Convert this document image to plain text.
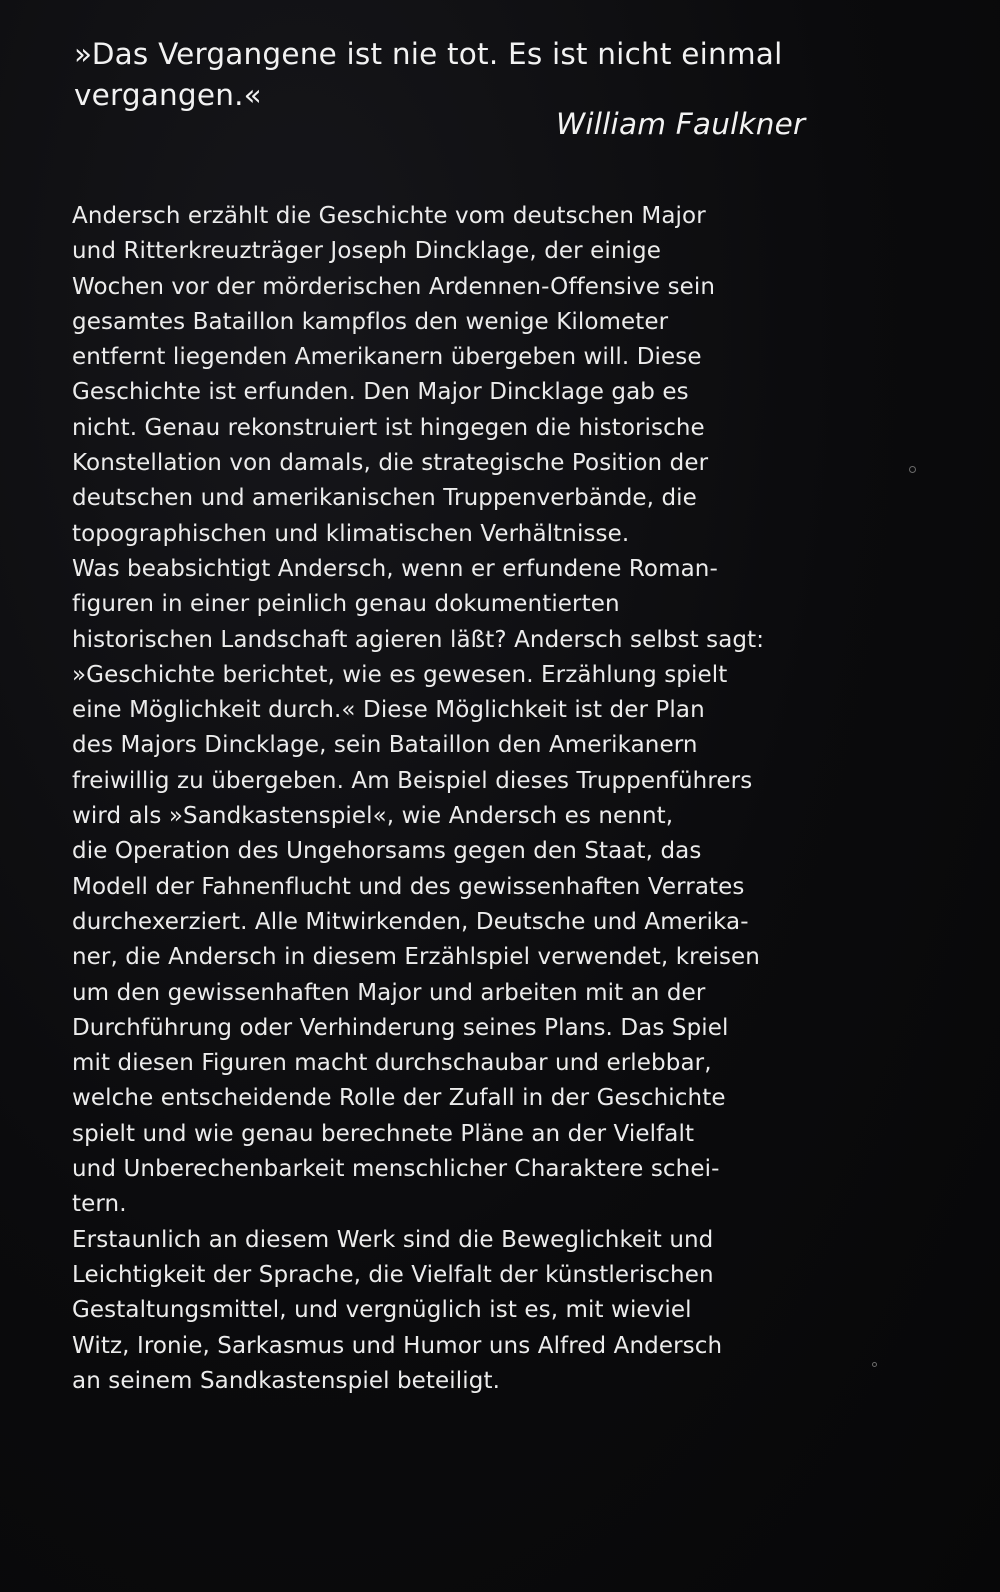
»Das Vergangene ist nie tot. Es ist nicht einmal
vergangen.«
William Faulkner
Andersch erzählt die Geschichte vom deutschen Major
und Ritterkreuzträger Joseph Dincklage, der einige
Wochen vor der mörderischen Ardennen-Offensive sein
gesamtes Bataillon kampflos den wenige Kilometer
entfernt liegenden Amerikanern übergeben will. Diese
Geschichte ist erfunden. Den Major Dincklage gab es
nicht. Genau rekonstruiert ist hingegen die historische
Konstellation von damals, die strategische Position der
deutschen und amerikanischen Truppenverbände, die
topographischen und klimatischen Verhältnisse.
Was beabsichtigt Andersch, wenn er erfundene Roman-
figuren in einer peinlich genau dokumentierten
historischen Landschaft agieren läßt? Andersch selbst sagt:
»Geschichte berichtet, wie es gewesen. Erzählung spielt
eine Möglichkeit durch.« Diese Möglichkeit ist der Plan
des Majors Dincklage, sein Bataillon den Amerikanern
freiwillig zu übergeben. Am Beispiel dieses Truppenführers
wird als »Sandkastenspiel«, wie Andersch es nennt,
die Operation des Ungehorsams gegen den Staat, das
Modell der Fahnenflucht und des gewissenhaften Verrates
durchexerziert. Alle Mitwirkenden, Deutsche und Amerika-
ner, die Andersch in diesem Erzählspiel verwendet, kreisen
um den gewissenhaften Major und arbeiten mit an der
Durchführung oder Verhinderung seines Plans. Das Spiel
mit diesen Figuren macht durchschaubar und erlebbar,
welche entscheidende Rolle der Zufall in der Geschichte
spielt und wie genau berechnete Pläne an der Vielfalt
und Unberechenbarkeit menschlicher Charaktere schei-
tern.
Erstaunlich an diesem Werk sind die Beweglichkeit und
Leichtigkeit der Sprache, die Vielfalt der künstlerischen
Gestaltungsmittel, und vergnüglich ist es, mit wieviel
Witz, Ironie, Sarkasmus und Humor uns Alfred Andersch
an seinem Sandkastenspiel beteiligt.
